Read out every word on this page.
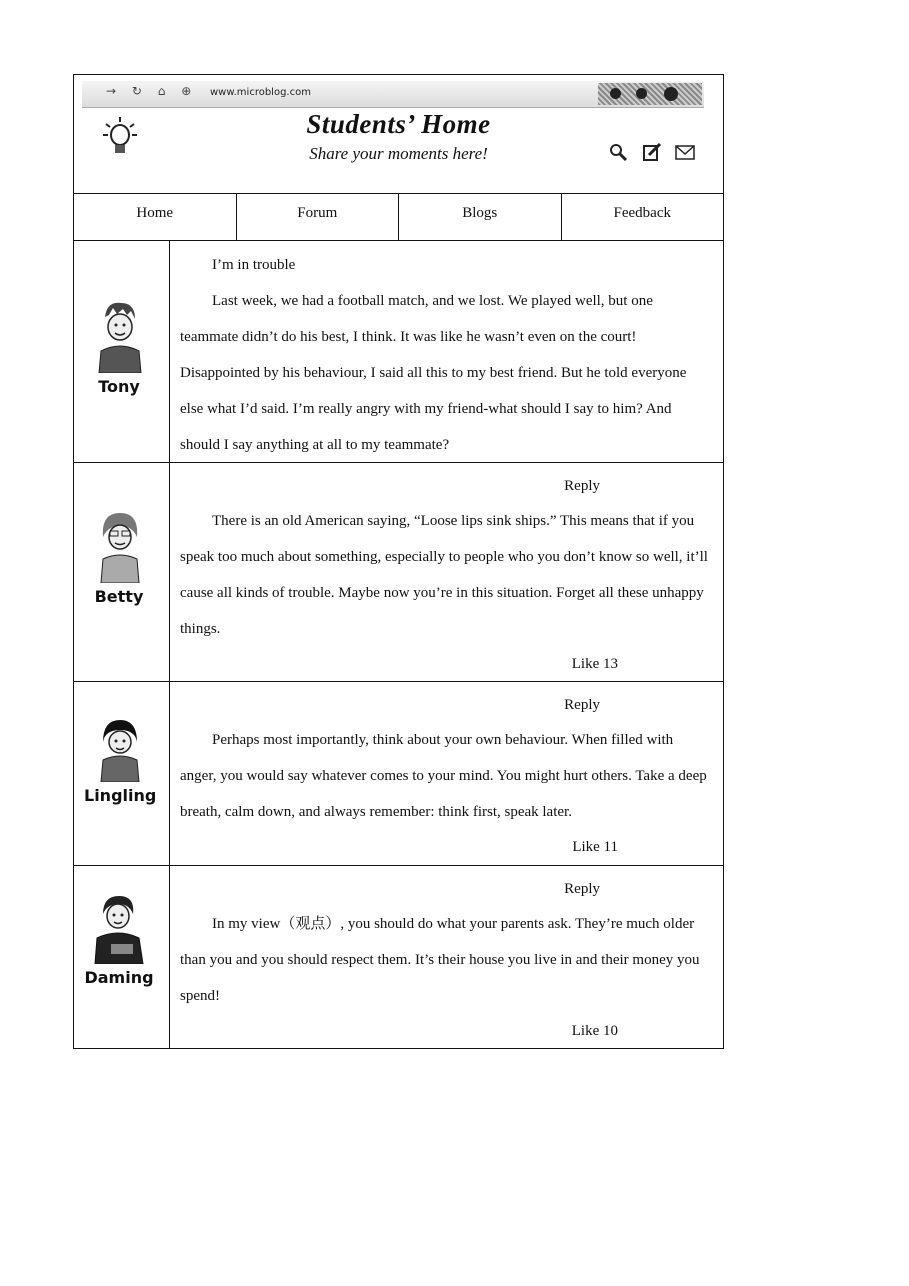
→ ↻ ⌂ ⊕	www.microblog.com
Students’ Home
Share your moments here!

Home	Forum	Blogs	Feedback
Tony
I’m in trouble

Last week, we had a football match, and we lost. We played well, but one teammate didn’t do his best, I think. It was like he wasn’t even on the court! Disappointed by his behaviour, I said all this to my best friend. But he told everyone else what I’d said. I’m really angry with my friend-what should I say to him? And should I say anything at all to my teammate?

Betty
Reply

There is an old American saying, “Loose lips sink ships.” This means that if you speak too much about something, especially to people who you don’t know so well, it’ll cause all kinds of trouble. Maybe now you’re in this situation. Forget all these unhappy things.

Like 13
Lingling
Reply

Perhaps most importantly, think about your own behaviour. When filled with anger, you would say whatever comes to your mind. You might hurt others. Take a deep breath, calm down, and always remember: think first, speak later.

Like 11
Daming
Reply

In my view（观点）, you should do what your parents ask. They’re much older than you and you should respect them. It’s their house you live in and their money you spend!

Like 10
